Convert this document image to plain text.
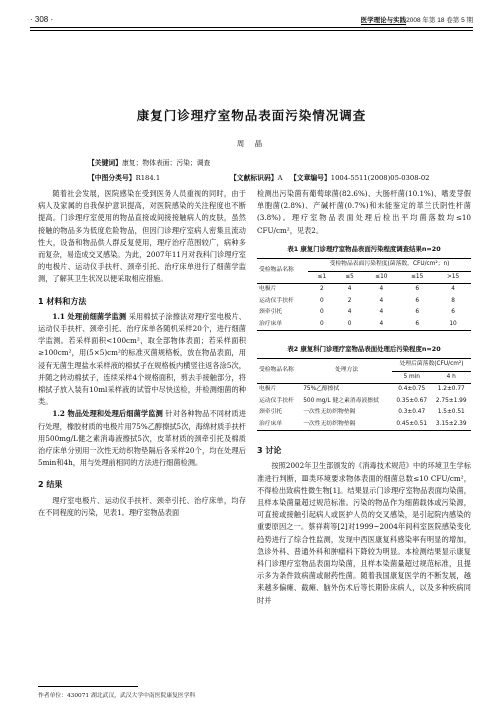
· 308 ·	医学理论与实践2008 年第 18 卷第 5 期
康复门诊理疗室物品表面污染情况调查
周 晶
【关键词】康复；物体表面；污染；调查
【中图分类号】R184.1	【文献标识码】A 【文章编号】1004-5511(2008)05-0308-02

随着社会发展，医院感染在受到医务人员重视的同时，由于病人及家属的自我保护意识提高，对医院感染的关注程度也不断提高。门诊理疗室使用的物品直接或间接接触病人的皮肤，虽然接触的物品多为低度危险物品，但因门诊理疗室病人密集且流动性大，设备和物品供人群反复使用，理疗治疗范围较广，病种多而复杂，易造成交叉感染。为此，2007年11月对我科门诊理疗室的电极片、运动仪手扶杆、颈牵引托、治疗床单进行了细菌学监测，了解其卫生状况以便采取相应措施。

1 材料和方法

1.1 处理前细菌学监测 采用棉拭子涂擦法对理疗室电极片、运动仪手扶杆、颈牵引托、治疗床单各随机采样20个，进行细菌学监测。若采样面积<100cm²，取全部物体表面；若采样面积≥100cm²，用(5×5)cm²的标准灭菌规格板，放在物品表面，用浸有无菌生理盐水采样液的棉拭子在规格板内横竖往返各涂5次，并随之转动棉拭子，连续采样4个规格面积，剪去手接触部分，将棉拭子放入装有10ml采样液的试管中尽快送检，并检测细菌的种类。

1.2 物品处理和处理后细菌学监测 针对各种物品不同材质进行处理，橡胶材质的电极片用75%乙醇擦拭5次，海绵材质手扶杆用500mg/L健之素消毒液擦拭5次，皮革材质的颈牵引托及棉质治疗床单分别用一次性无纺织物垫隔后各采样20个，均在处理后5min和4h，用与处理前相同的方法进行细菌检测。

2 结果

理疗室电极片、运动仪手扶杆、颈牵引托、治疗床单，均存在不同程度的污染，见表1。理疗室物品表面

检测出污染菌有葡萄球菌(82.6%)、大肠杆菌(10.1%)、嗜麦芽假单胞菌(2.8%)、产碱杆菌(0.7%)和未能鉴定的革兰氏阴性杆菌(3.8%)。理疗室物品表面处理后检出平均菌落数均≤10 CFU/cm²，见表2。

表1 康复门诊理疗室物品表面污染程度调查结果n=20
受检物品名称	受检物品表面污染程度(菌落数，CFU/cm²；n)				
	≤1	≤5	≤10	≤15	>15
电极片	2	4	4	6	4
运动仪手扶杆	0	2	4	6	8
颈牵引托	0	4	4	6	6
治疗床单	0	0	4	6	10
表2 康复科门诊理疗室物品表面处理后污染程度n=20
受检物品名称	处理方法	处理后菌落数(CFU/cm²)	
		5 min	4 h
电极片	75%乙醇擦拭	0.4±0.75	1.2±0.77
运动仪手扶杆	500 mg/L 健之素消毒液擦拭	0.35±0.67	2.75±1.99
颈牵引托	一次性无纺织物垫隔	0.3±0.47	1.5±0.51
治疗床单	一次性无纺织物垫隔	0.45±0.51	3.15±2.39
3 讨论

按照2002年卫生部颁发的《消毒技术规范》中的环境卫生学标准进行判断，Ⅲ类环境要求物体表面的细菌总数≤10 CFU/cm²，不得检出致病性微生物[1]。结果显示门诊理疗室物品表面均染菌，且样本染菌量超过规范标准。污染的物品作为细菌载体或污染源，可直接或接触引起病人或医护人员的交叉感染，是引起院内感染的重要原因之一。蔡祥莉等[2]对1999~2004年间科室医院感染变化趋势进行了综合性监测，发现中西医康复科感染率有明显的增加，急诊外科、普通外科和肿瘤科下降较为明显。本检测结果显示康复科门诊理疗室物品表面均染菌，且样本染菌量超过规范标准，且提示多为条件致病菌或耐药性菌。随着我国康复医学的不断发展，越来越多偏瘫、截瘫、脑外伤术后等长期卧床病人，以及多种疾病同时并

作者单位：430071 湖北武汉，武汉大学中南医院康复医学科
